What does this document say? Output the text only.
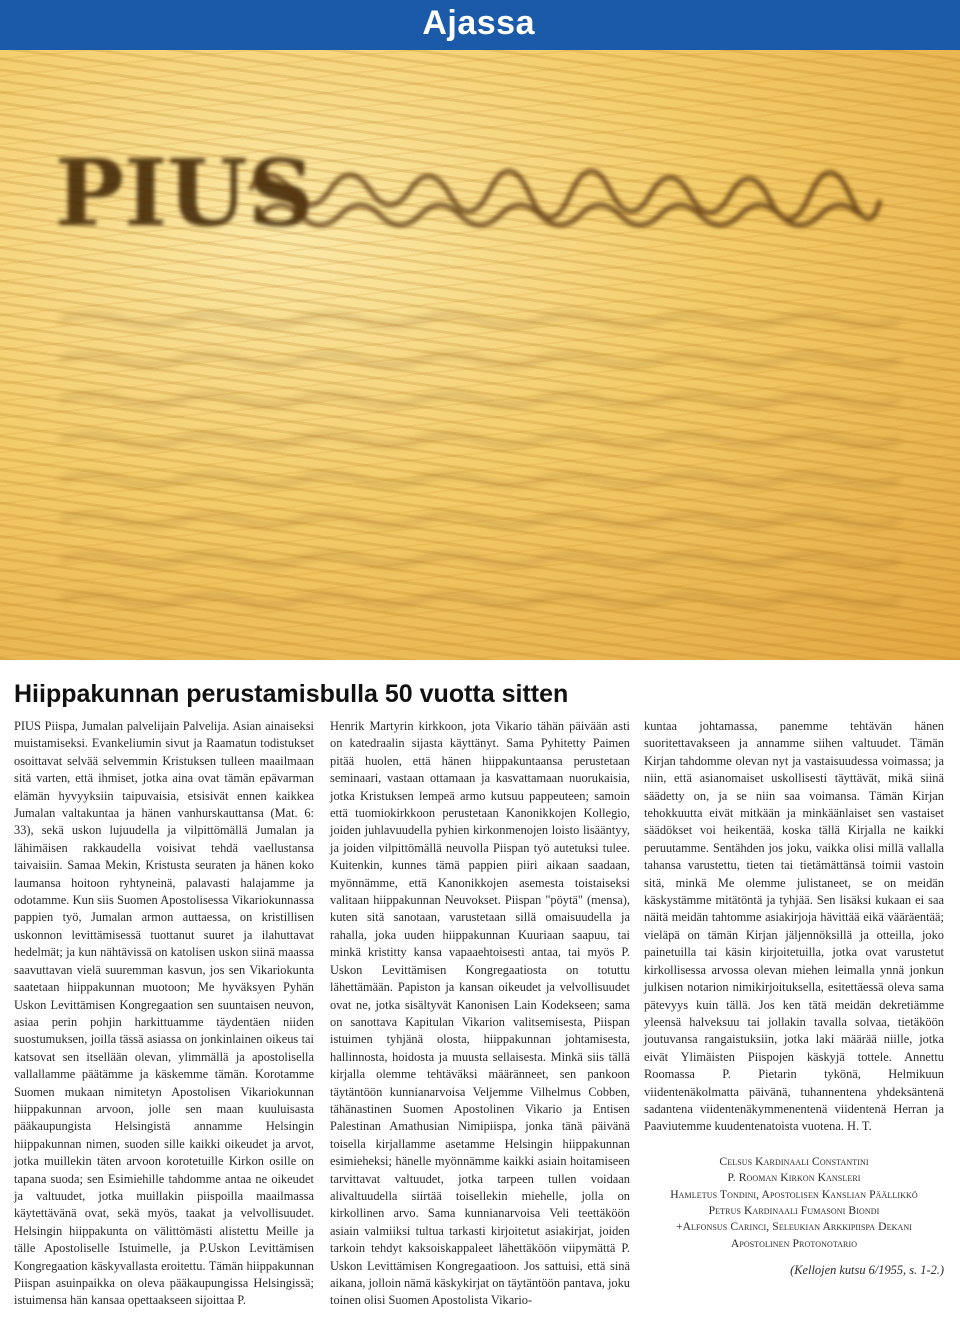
Ajassa
PIUS
Hiippakunnan perustamisbulla 50 vuotta sitten

PIUS Piispa, Jumalan palvelijain Palvelija. Asian ainaiseksi muistamiseksi. Evankeliumin sivut ja Raamatun todistukset osoittavat selvää selvemmin Kristuksen tulleen maailmaan sitä varten, että ihmiset, jotka aina ovat tämän epävarman elämän hyvyyksiin taipuvaisia, etsisivät ennen kaikkea Jumalan valtakuntaa ja hänen vanhurskauttansa (Mat. 6: 33), sekä uskon lujuudella ja vilpittömällä Jumalan ja lähimäisen rakkaudella voisivat tehdä vaellustansa taivaisiin. Samaa Mekin, Kristusta seuraten ja hänen koko laumansa hoitoon ryhtyneinä, palavasti halajamme ja odotamme. Kun siis Suomen Apostolisessa Vikariokunnassa pappien työ, Jumalan armon auttaessa, on kristillisen uskonnon levittämisessä tuottanut suuret ja ilahuttavat hedelmät; ja kun nähtävissä on katolisen uskon siinä maassa saavuttavan vielä suuremman kasvun, jos sen Vikariokunta saatetaan hiippakunnan muotoon; Me hyväksyen Pyhän Uskon Levittämisen Kongregaation sen suuntaisen neuvon, asiaa perin pohjin harkittuamme täydentäen niiden suostumuksen, joilla tässä asiassa on jonkinlainen oikeus tai katsovat sen itsellään olevan, ylimmällä ja apostolisella vallallamme päätämme ja käskemme tämän. Korotamme Suomen mukaan nimitetyn Apostolisen Vikariokunnan hiippakunnan arvoon, jolle sen maan kuuluisasta pääkaupungista Helsingistä annamme Helsingin hiippakunnan nimen, suoden sille kaikki oikeudet ja arvot, jotka muillekin täten arvoon korotetuille Kirkon osille on tapana suoda; sen Esimiehille tahdomme antaa ne oikeudet ja valtuudet, jotka muillakin piispoilla maailmassa käytettävänä ovat, sekä myös, taakat ja velvollisuudet. Helsingin hiippakunta on välittömästi alistettu Meille ja tälle Apostoliselle Istuimelle, ja P.Uskon Levittämisen Kongregaation käskyvallasta eroitettu. Tämän hiippakunnan Piispan asuinpaikka on oleva pääkaupungissa Helsingissä; istuimensa hän kansaa opettaakseen sijoittaa P.

Henrik Martyrin kirkkoon, jota Vikario tähän päivään asti on katedraalin sijasta käyttänyt. Sama Pyhitetty Paimen pitää huolen, että hänen hiippakuntaansa perustetaan seminaari, vastaan ottamaan ja kasvattamaan nuorukaisia, jotka Kristuksen lempeä armo kutsuu pappeuteen; samoin että tuomiokirkkoon perustetaan Kanonikkojen Kollegio, joiden juhlavuudella pyhien kirkonmenojen loisto lisääntyy, ja joiden vilpittömällä neuvolla Piispan työ autetuksi tulee. Kuitenkin, kunnes tämä pappien piiri aikaan saadaan, myönnämme, että Kanonikkojen asemesta toistaiseksi valitaan hiippakunnan Neuvokset. Piispan "pöytä" (mensa), kuten sitä sanotaan, varustetaan sillä omaisuudella ja rahalla, joka uuden hiippakunnan Kuuriaan saapuu, tai minkä kristitty kansa vapaaehtoisesti antaa, tai myös P. Uskon Levittämisen Kongregaatiosta on totuttu lähettämään. Papiston ja kansan oikeudet ja velvollisuudet ovat ne, jotka sisältyvät Kanonisen Lain Kodekseen; sama on sanottava Kapitulan Vikarion valitsemisesta, Piispan istuimen tyhjänä olosta, hiippakunnan johtamisesta, hallinnosta, hoidosta ja muusta sellaisesta. Minkä siis tällä kirjalla olemme tehtäväksi määränneet, sen pankoon täytäntöön kunnianarvoisa Veljemme Vilhelmus Cobben, tähänastinen Suomen Apostolinen Vikario ja Entisen Palestinan Amathusian Nimipiispa, jonka tänä päivänä toisella kirjallamme asetamme Helsingin hiippakunnan esimieheksi; hänelle myönnämme kaikki asiain hoitamiseen tarvittavat valtuudet, jotka tarpeen tullen voidaan alivaltuudella siirtää toisellekin miehelle, jolla on kirkollinen arvo. Sama kunnianarvoisa Veli teettäköön asiain valmiiksi tultua tarkasti kirjoitetut asiakirjat, joiden tarkoin tehdyt kaksoiskappaleet lähettäköön viipymättä P. Uskon Levittämisen Kongregaatioon. Jos sattuisi, että sinä aikana, jolloin nämä käskykirjat on täytäntöön pantava, joku toinen olisi Suomen Apostolista Vikario-

kuntaa johtamassa, panemme tehtävän hänen suoritettavakseen ja annamme siihen valtuudet. Tämän Kirjan tahdomme olevan nyt ja vastaisuudessa voimassa; ja niin, että asianomaiset uskollisesti täyttävät, mikä siinä säädetty on, ja se niin saa voimansa. Tämän Kirjan tehokkuutta eivät mitkään ja minkäänlaiset sen vastaiset säädökset voi heikentää, koska tällä Kirjalla ne kaikki peruutamme. Sentähden jos joku, vaikka olisi millä vallalla tahansa varustettu, tieten tai tietämättänsä toimii vastoin sitä, minkä Me olemme julistaneet, se on meidän käskystämme mitätöntä ja tyhjää. Sen lisäksi kukaan ei saa näitä meidän tahtomme asiakirjoja hävittää eikä vääräentää; vieläpä on tämän Kirjan jäljennöksillä ja otteilla, joko painetuilla tai käsin kirjoitetuilla, jotka ovat varustetut kirkollisessa arvossa olevan miehen leimalla ynnä jonkun julkisen notarion nimikirjoituksella, esitettäessä oleva sama pätevyys kuin tällä. Jos ken tätä meidän dekretiämme yleensä halveksuu tai jollakin tavalla solvaa, tietäköön joutuvansa rangaistuksiin, jotka laki määrää niille, jotka eivät Ylimäisten Piispojen käskyjä tottele. Annettu Roomassa P. Pietarin tykönä, Helmikuun viidentenäkolmatta päivänä, tuhannentena yhdeksäntenä sadantena viidentenäkymmenentenä viidentenä Herran ja Paaviutemme kuudentenatoista vuotena. H. T.

Celsus Kardinaali Constantini
P. Rooman Kirkon Kansleri
Hamletus Tondini, Apostolisen Kanslian Päällikkö
Petrus Kardinaali Fumasoni Biondi
+Alfonsus Carinci, Seleukian Arkkipiispa Dekani
Apostolinen Protonotario
(Kellojen kutsu 6/1955, s. 1-2.)
